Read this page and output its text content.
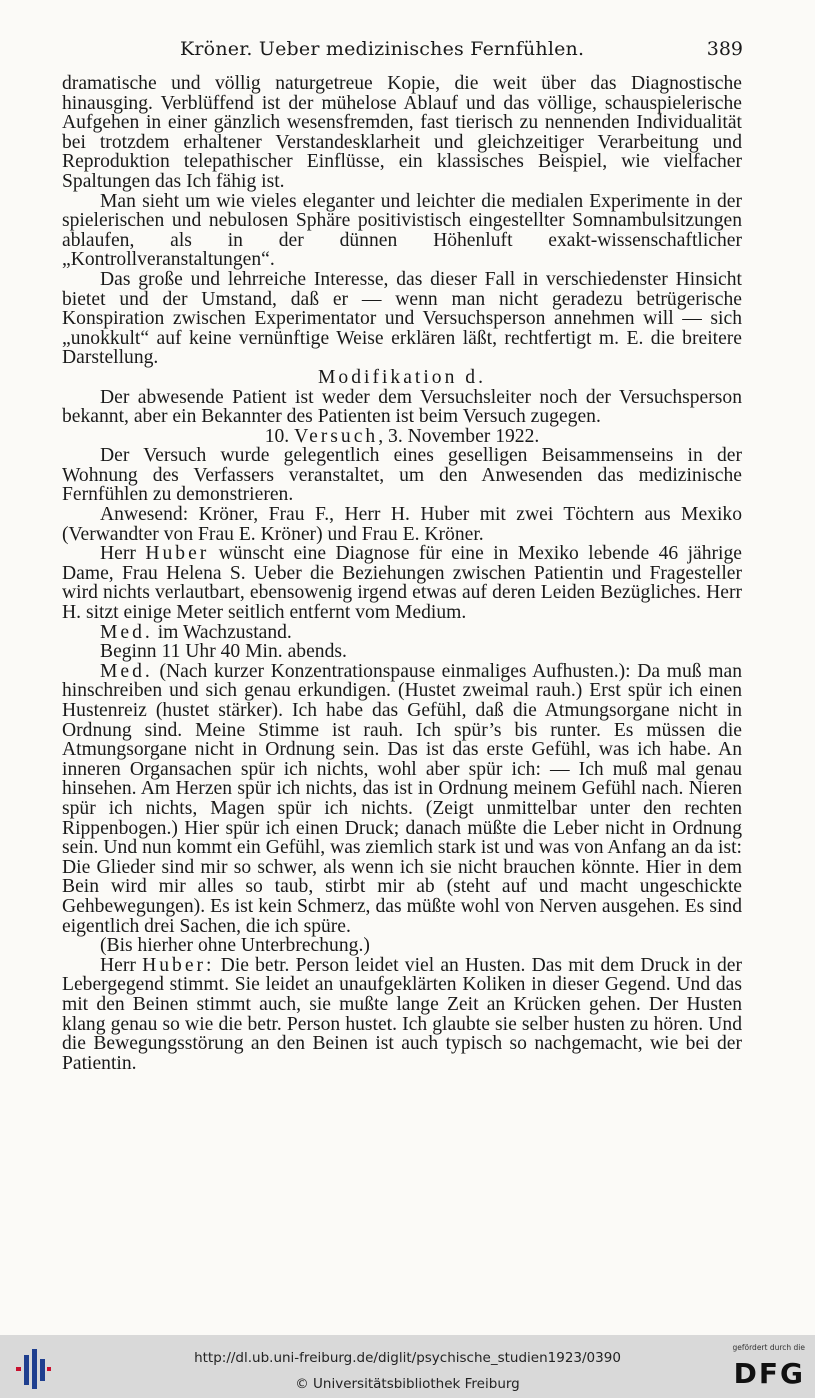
Kröner. Ueber medizinisches Fernfühlen.	389

dramatische und völlig naturgetreue Kopie, die weit über das Diagnostische hinausging. Verblüffend ist der mühelose Ablauf und das völlige, schauspielerische Aufgehen in einer gänzlich wesensfremden, fast tierisch zu nennenden Individualität bei trotzdem erhaltener Verstandesklarheit und gleichzeitiger Verarbeitung und Reproduktion telepathischer Einflüsse, ein klassisches Beispiel, wie vielfacher Spaltungen das Ich fähig ist.

Man sieht um wie vieles eleganter und leichter die medialen Experimente in der spielerischen und nebulosen Sphäre positivistisch eingestellter Somnambulsitzungen ablaufen, als in der dünnen Höhenluft exakt-wissenschaftlicher „Kontrollveranstaltungen“.

Das große und lehrreiche Interesse, das dieser Fall in verschiedenster Hinsicht bietet und der Umstand, daß er — wenn man nicht geradezu betrügerische Konspiration zwischen Experimentator und Versuchsperson annehmen will — sich „unokkult“ auf keine vernünftige Weise erklären läßt, rechtfertigt m. E. die breitere Darstellung.

Modifikation d.

Der abwesende Patient ist weder dem Versuchsleiter noch der Versuchsperson bekannt, aber ein Bekannter des Patienten ist beim Versuch zugegen.

10. Versuch, 3. November 1922.

Der Versuch wurde gelegentlich eines geselligen Beisammenseins in der Wohnung des Verfassers veranstaltet, um den Anwesenden das medizinische Fernfühlen zu demonstrieren.

Anwesend: Kröner, Frau F., Herr H. Huber mit zwei Töchtern aus Mexiko (Verwandter von Frau E. Kröner) und Frau E. Kröner.

Herr Huber wünscht eine Diagnose für eine in Mexiko lebende 46 jährige Dame, Frau Helena S. Ueber die Beziehungen zwischen Patientin und Fragesteller wird nichts verlautbart, ebensowenig irgend etwas auf deren Leiden Bezügliches. Herr H. sitzt einige Meter seitlich entfernt vom Medium.

Med. im Wachzustand.

Beginn 11 Uhr 40 Min. abends.

Med. (Nach kurzer Konzentrationspause einmaliges Aufhusten.): Da muß man hinschreiben und sich genau erkundigen. (Hustet zweimal rauh.) Erst spür ich einen Hustenreiz (hustet stärker). Ich habe das Gefühl, daß die Atmungsorgane nicht in Ordnung sind. Meine Stimme ist rauh. Ich spür’s bis runter. Es müssen die Atmungsorgane nicht in Ordnung sein. Das ist das erste Gefühl, was ich habe. An inneren Organsachen spür ich nichts, wohl aber spür ich: — Ich muß mal genau hinsehen. Am Herzen spür ich nichts, das ist in Ordnung meinem Gefühl nach. Nieren spür ich nichts, Magen spür ich nichts. (Zeigt unmittelbar unter den rechten Rippenbogen.) Hier spür ich einen Druck; danach müßte die Leber nicht in Ordnung sein. Und nun kommt ein Gefühl, was ziemlich stark ist und was von Anfang an da ist: Die Glieder sind mir so schwer, als wenn ich sie nicht brauchen könnte. Hier in dem Bein wird mir alles so taub, stirbt mir ab (steht auf und macht ungeschickte Gehbewegungen). Es ist kein Schmerz, das müßte wohl von Nerven ausgehen. Es sind eigentlich drei Sachen, die ich spüre.

(Bis hierher ohne Unterbrechung.)

Herr Huber: Die betr. Person leidet viel an Husten. Das mit dem Druck in der Lebergegend stimmt. Sie leidet an unaufgeklärten Koliken in dieser Gegend. Und das mit den Beinen stimmt auch, sie mußte lange Zeit an Krücken gehen. Der Husten klang genau so wie die betr. Person hustet. Ich glaubte sie selber husten zu hören. Und die Bewegungsstörung an den Beinen ist auch typisch so nachgemacht, wie bei der Patientin.

http://dl.ub.uni-freiburg.de/diglit/psychische_studien1923/0390
© Universitätsbibliothek Freiburg
gefördert durch die
DFG
